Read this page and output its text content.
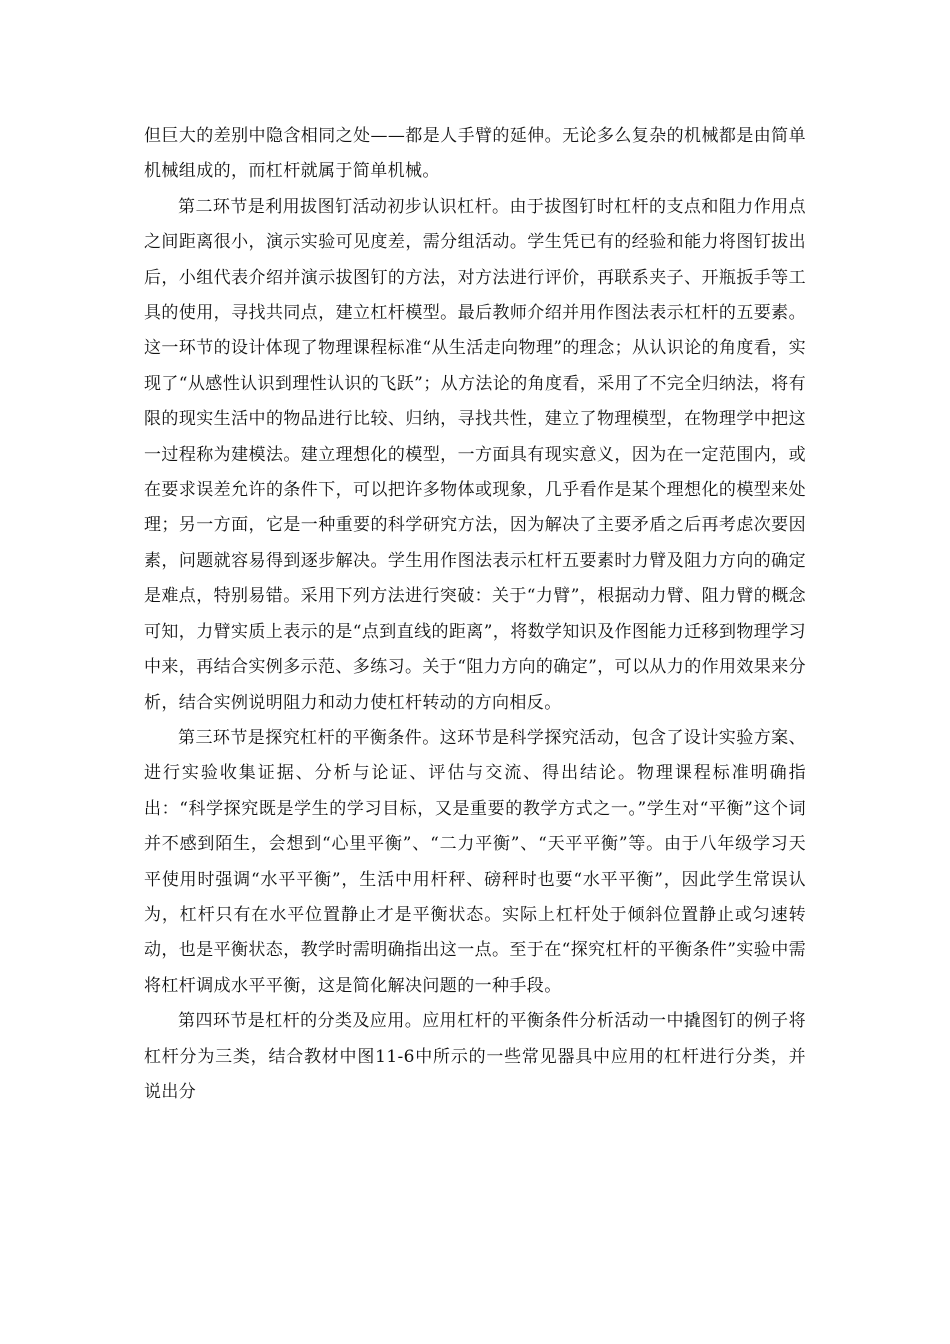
但巨大的差别中隐含相同之处——都是人手臂的延伸。无论多么复杂的机械都是由简单机械组成的，而杠杆就属于简单机械。

第二环节是利用拔图钉活动初步认识杠杆。由于拔图钉时杠杆的支点和阻力作用点之间距离很小，演示实验可见度差，需分组活动。学生凭已有的经验和能力将图钉拔出后，小组代表介绍并演示拔图钉的方法，对方法进行评价，再联系夹子、开瓶扳手等工具的使用，寻找共同点，建立杠杆模型。最后教师介绍并用作图法表示杠杆的五要素。这一环节的设计体现了物理课程标准“从生活走向物理”的理念；从认识论的角度看，实现了“从感性认识到理性认识的飞跃”；从方法论的角度看，采用了不完全归纳法，将有限的现实生活中的物品进行比较、归纳，寻找共性，建立了物理模型，在物理学中把这一过程称为建模法。建立理想化的模型，一方面具有现实意义，因为在一定范围内，或在要求误差允许的条件下，可以把许多物体或现象，几乎看作是某个理想化的模型来处理；另一方面，它是一种重要的科学研究方法，因为解决了主要矛盾之后再考虑次要因素，问题就容易得到逐步解决。学生用作图法表示杠杆五要素时力臂及阻力方向的确定是难点，特别易错。采用下列方法进行突破：关于“力臂”，根据动力臂、阻力臂的概念可知，力臂实质上表示的是“点到直线的距离”，将数学知识及作图能力迁移到物理学习中来，再结合实例多示范、多练习。关于“阻力方向的确定”，可以从力的作用效果来分析，结合实例说明阻力和动力使杠杆转动的方向相反。

第三环节是探究杠杆的平衡条件。这环节是科学探究活动，包含了设计实验方案、进行实验收集证据、分析与论证、评估与交流、得出结论。物理课程标准明确指出：“科学探究既是学生的学习目标，又是重要的教学方式之一。”学生对“平衡”这个词并不感到陌生，会想到“心里平衡”、“二力平衡”、“天平平衡”等。由于八年级学习天平使用时强调“水平平衡”，生活中用杆秤、磅秤时也要“水平平衡”，因此学生常误认为，杠杆只有在水平位置静止才是平衡状态。实际上杠杆处于倾斜位置静止或匀速转动，也是平衡状态，教学时需明确指出这一点。至于在“探究杠杆的平衡条件”实验中需将杠杆调成水平平衡，这是简化解决问题的一种手段。

第四环节是杠杆的分类及应用。应用杠杆的平衡条件分析活动一中撬图钉的例子将杠杆分为三类，结合教材中图11-6中所示的一些常见器具中应用的杠杆进行分类，并说出分
